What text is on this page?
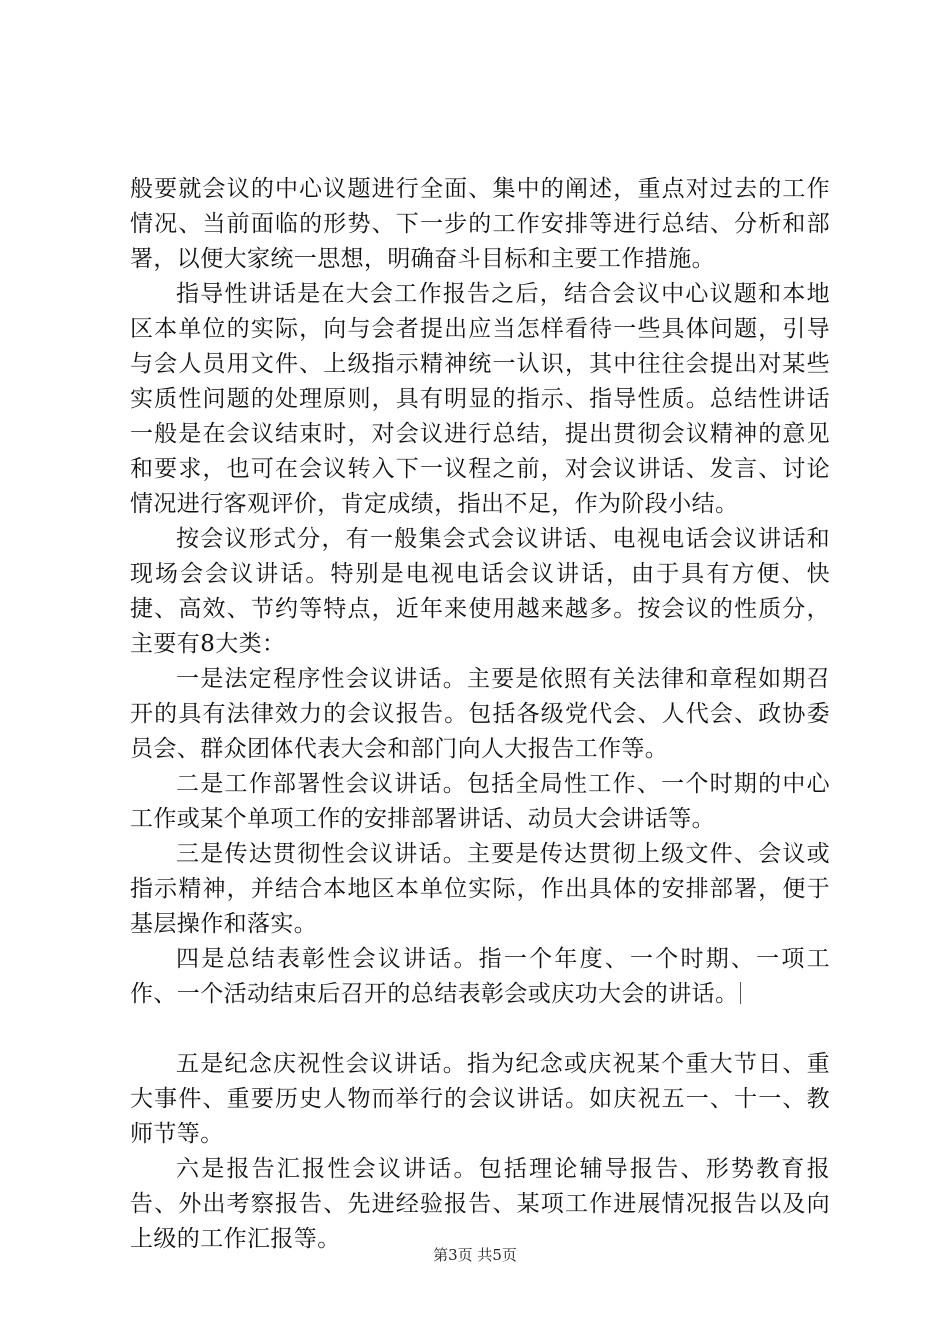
般要就会议的中心议题进行全面、集中的阐述，重点对过去的工作情况、当前面临的形势、下一步的工作安排等进行总结、分析和部署，以便大家统一思想，明确奋斗目标和主要工作措施。

指导性讲话是在大会工作报告之后，结合会议中心议题和本地区本单位的实际，向与会者提出应当怎样看待一些具体问题，引导与会人员用文件、上级指示精神统一认识，其中往往会提出对某些实质性问题的处理原则，具有明显的指示、指导性质。总结性讲话一般是在会议结束时，对会议进行总结，提出贯彻会议精神的意见和要求，也可在会议转入下一议程之前，对会议讲话、发言、讨论情况进行客观评价，肯定成绩，指出不足，作为阶段小结。

按会议形式分，有一般集会式会议讲话、电视电话会议讲话和现场会会议讲话。特别是电视电话会议讲话，由于具有方便、快捷、高效、节约等特点，近年来使用越来越多。按会议的性质分，主要有8大类：

一是法定程序性会议讲话。主要是依照有关法律和章程如期召开的具有法律效力的会议报告。包括各级党代会、人代会、政协委员会、群众团体代表大会和部门向人大报告工作等。

二是工作部署性会议讲话。包括全局性工作、一个时期的中心工作或某个单项工作的安排部署讲话、动员大会讲话等。

三是传达贯彻性会议讲话。主要是传达贯彻上级文件、会议或指示精神，并结合本地区本单位实际，作出具体的安排部署，便于基层操作和落实。

四是总结表彰性会议讲话。指一个年度、一个时期、一项工作、一个活动结束后召开的总结表彰会或庆功大会的讲话。

五是纪念庆祝性会议讲话。指为纪念或庆祝某个重大节日、重大事件、重要历史人物而举行的会议讲话。如庆祝五一、十一、教师节等。

六是报告汇报性会议讲话。包括理论辅导报告、形势教育报告、外出考察报告、先进经验报告、某项工作进展情况报告以及向上级的工作汇报等。

第3页 共5页
